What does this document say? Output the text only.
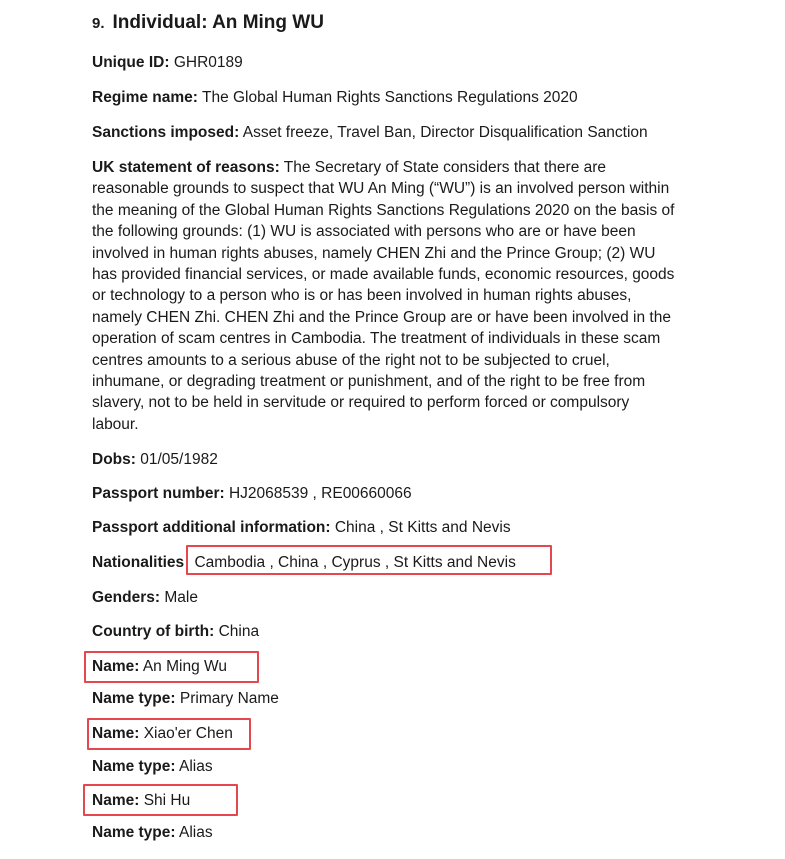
9. Individual: An Ming WU
Unique ID: GHR0189
Regime name: The Global Human Rights Sanctions Regulations 2020
Sanctions imposed: Asset freeze, Travel Ban, Director Disqualification Sanction
UK statement of reasons: The Secretary of State considers that there are
reasonable grounds to suspect that WU An Ming (“WU”) is an involved person within
the meaning of the Global Human Rights Sanctions Regulations 2020 on the basis of
the following grounds: (1) WU is associated with persons who are or have been
involved in human rights abuses, namely CHEN Zhi and the Prince Group; (2) WU
has provided financial services, or made available funds, economic resources, goods
or technology to a person who is or has been involved in human rights abuses,
namely CHEN Zhi. CHEN Zhi and the Prince Group are or have been involved in the
operation of scam centres in Cambodia. The treatment of individuals in these scam
centres amounts to a serious abuse of the right not to be subjected to cruel,
inhumane, or degrading treatment or punishment, and of the right to be free from
slavery, not to be held in servitude or required to perform forced or compulsory
labour.
Dobs: 01/05/1982
Passport number: HJ2068539 , RE00660066
Passport additional information: China , St Kitts and Nevis
Nationalities Cambodia , China , Cyprus , St Kitts and Nevis
Genders: Male
Country of birth: China
Name: An Ming Wu
Name type: Primary Name
Name: Xiao'er Chen
Name type: Alias
Name: Shi Hu
Name type: Alias
